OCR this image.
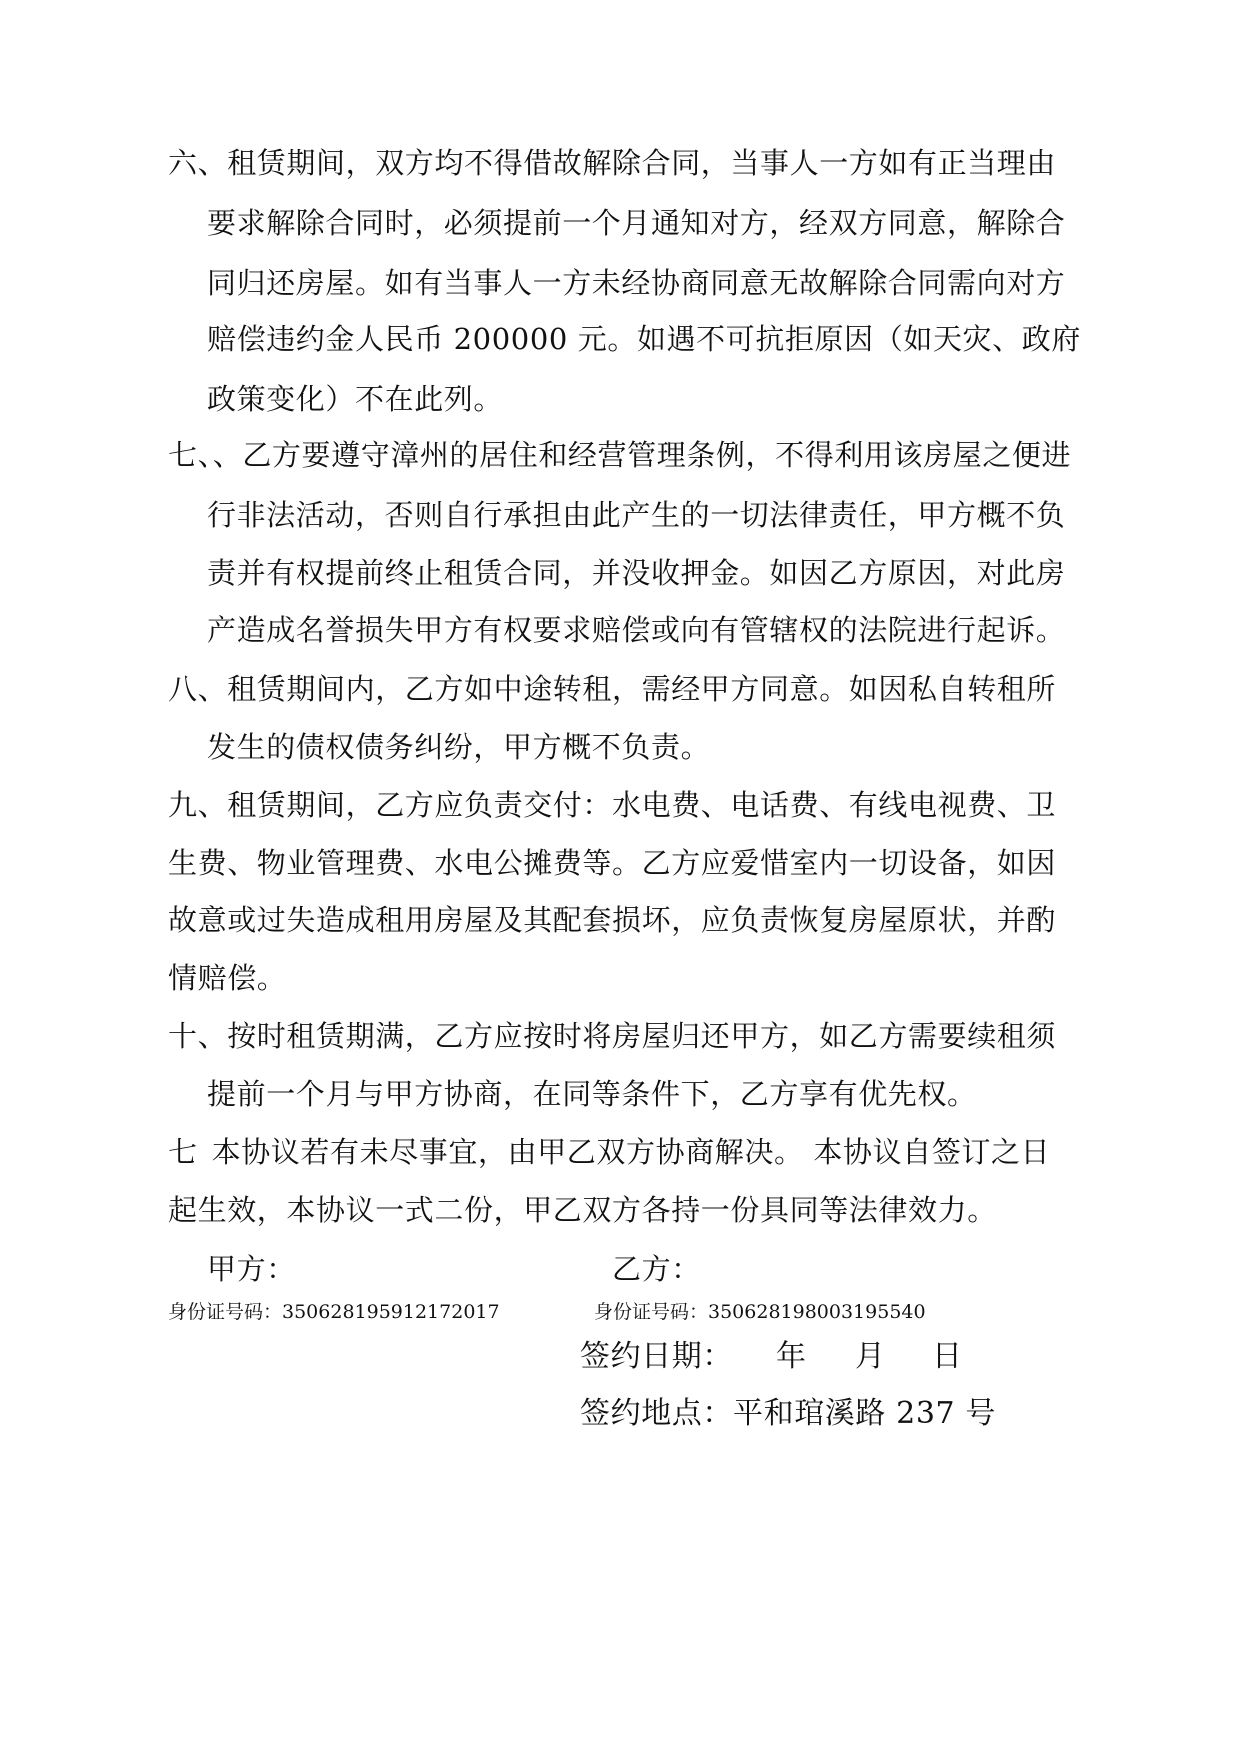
六、租赁期间，双方均不得借故解除合同，当事人一方如有正当理由

要求解除合同时，必须提前一个月通知对方，经双方同意，解除合

同归还房屋。如有当事人一方未经协商同意无故解除合同需向对方

赔偿违约金人民币 200000 元。如遇不可抗拒原因（如天灾、政府

政策变化）不在此列。

七、、乙方要遵守漳州的居住和经营管理条例，不得利用该房屋之便进

行非法活动，否则自行承担由此产生的一切法律责任，甲方概不负

责并有权提前终止租赁合同，并没收押金。如因乙方原因，对此房

产造成名誉损失甲方有权要求赔偿或向有管辖权的法院进行起诉。

八、租赁期间内，乙方如中途转租，需经甲方同意。如因私自转租所

发生的债权债务纠纷，甲方概不负责。

九、租赁期间，乙方应负责交付：水电费、电话费、有线电视费、卫

生费、物业管理费、水电公摊费等。乙方应爱惜室内一切设备，如因

故意或过失造成租用房屋及其配套损坏，应负责恢复房屋原状，并酌

情赔偿。

十、按时租赁期满，乙方应按时将房屋归还甲方，如乙方需要续租须

提前一个月与甲方协商，在同等条件下，乙方享有优先权。

七 本协议若有未尽事宜，由甲乙双方协商解决。 本协议自签订之日

起生效，本协议一式二份，甲乙双方各持一份具同等法律效力。

甲方：	乙方：

身份证号码：350628195912172017	身份证号码：350628198003195540

签约日期： 年 月 日

签约地点：平和琯溪路 237 号
